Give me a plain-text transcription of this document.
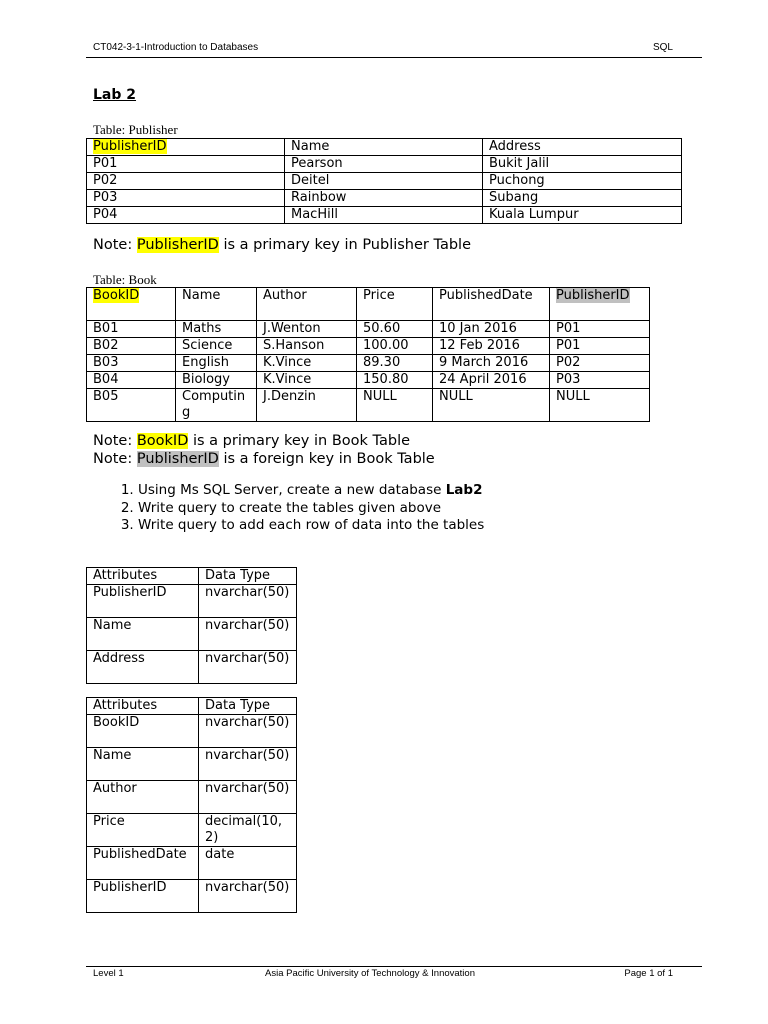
CT042-3-1-Introduction to Databases	SQL
Lab 2
Table: Publisher
PublisherID	Name	Address
P01	Pearson	Bukit Jalil
P02	Deitel	Puchong
P03	Rainbow	Subang
P04	MacHill	Kuala Lumpur
Note: PublisherID is a primary key in Publisher Table
Table: Book
BookID	Name	Author	Price	PublishedDate	PublisherID
B01	Maths	J.Wenton	50.60	10 Jan 2016	P01
B02	Science	S.Hanson	100.00	12 Feb 2016	P01
B03	English	K.Vince	89.30	9 March 2016	P02
B04	Biology	K.Vince	150.80	24 April 2016	P03
B05	Computing	J.Denzin	NULL	NULL	NULL
Note: BookID is a primary key in Book Table
Note: PublisherID is a foreign key in Book Table
1. Using Ms SQL Server, create a new database Lab2
2. Write query to create the tables given above
3. Write query to add each row of data into the tables
Attributes	Data Type
PublisherID	nvarchar(50)
Name	nvarchar(50)
Address	nvarchar(50)
Attributes	Data Type
BookID	nvarchar(50)
Name	nvarchar(50)
Author	nvarchar(50)
Price	decimal(10,2)
PublishedDate	date
PublisherID	nvarchar(50)
Level 1	Asia Pacific University of Technology & Innovation	Page 1 of 1
